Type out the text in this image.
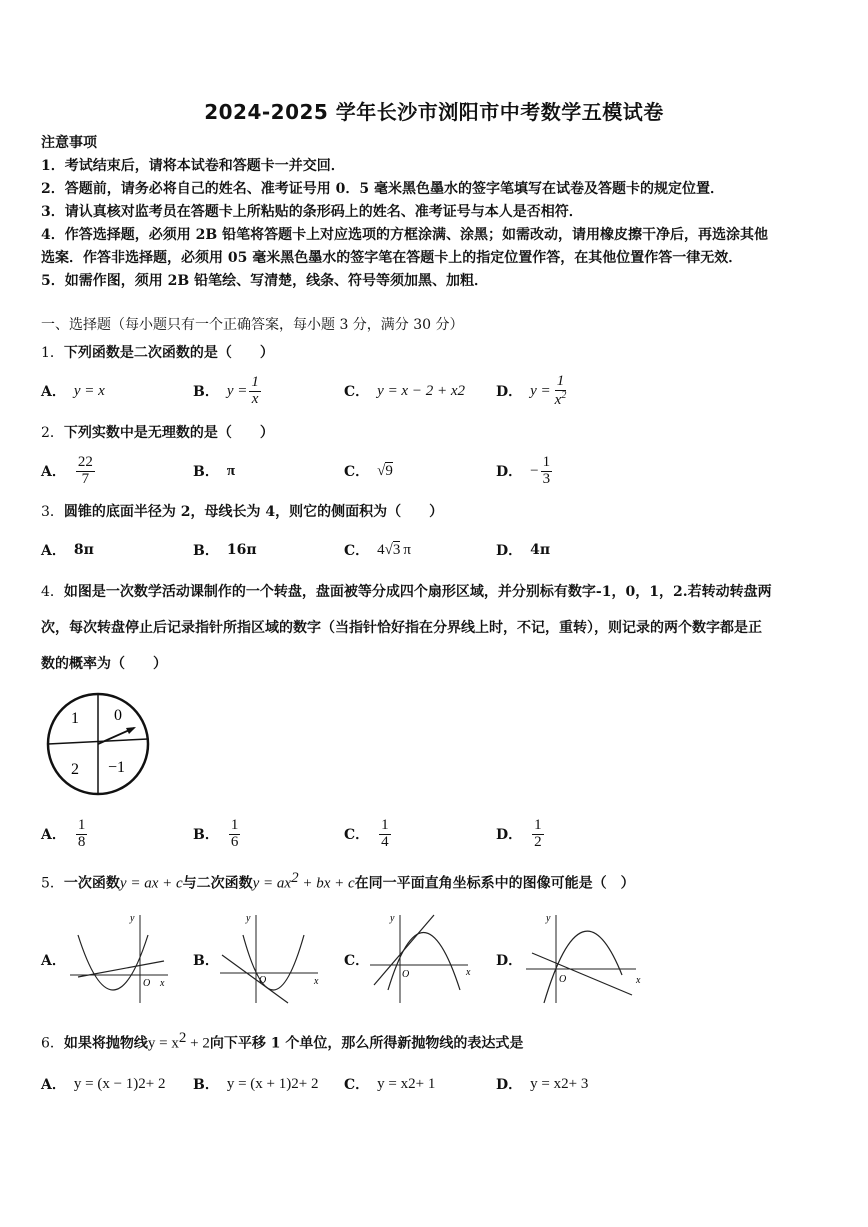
2024-2025 学年长沙市浏阳市中考数学五模试卷
注意事项
1．考试结束后，请将本试卷和答题卡一并交回．
2．答题前，请务必将自己的姓名、准考证号用 0．5 毫米黑色墨水的签字笔填写在试卷及答题卡的规定位置．
3．请认真核对监考员在答题卡上所粘贴的条形码上的姓名、准考证号与本人是否相符．
4．作答选择题，必须用 2B 铅笔将答题卡上对应选项的方框涂满、涂黑；如需改动，请用橡皮擦干净后，再选涂其他
选案．作答非选择题，必须用 05 毫米黑色墨水的签字笔在答题卡上的指定位置作答，在其他位置作答一律无效．
5．如需作图，须用 2B 铅笔绘、写清楚，线条、符号等须加黑、加粗．
一、选择题（每小题只有一个正确答案，每小题 3 分，满分 30 分）
1．下列函数是二次函数的是（　　）
A． y = x	B． $y = \frac{1}{x}$	C． y = x − 2 + x 2 D． $y = \frac{1}{x^2}$
2．下列实数中是无理数的是（　　）
A． $\frac{22}{7}$	B． π	C． √ 9	D． − $\frac{1}{3}$
3．圆锥的底面半径为 2，母线长为 4，则它的侧面积为（　　）
A． 8π	B． 16π	C． 4 √ 3 π	D． 4π
4．如图是一次数学活动课制作的一个转盘，盘面被等分成四个扇形区域，并分别标有数字-1，0，1，2.若转动转盘两
次，每次转盘停止后记录指针所指区域的数字（当指针恰好指在分界线上时，不记，重转），则记录的两个数字都是正
数的概率为（　　）
1 0
2 −1
A． $\frac{1}{8}$	B． $\frac{1}{6}$	C． $\frac{1}{4}$	D． $\frac{1}{2}$
5．一次函数y = ax + c与二次函数$y = ax^2$ + bx + c在同一平面直角坐标系中的图像可能是（　）
A．
O x
y
B．
O	x
y
C．
O	x
y
D．
O	x
y
6．如果将抛物线$y = x^2 + 2$向下平移 1 个单位，那么所得新抛物线的表达式是
A． y = (x − 1) 2 + 2 B． y = (x + 1) 2 + 2 C． y = x 2 + 1	D． y = x 2 + 3
